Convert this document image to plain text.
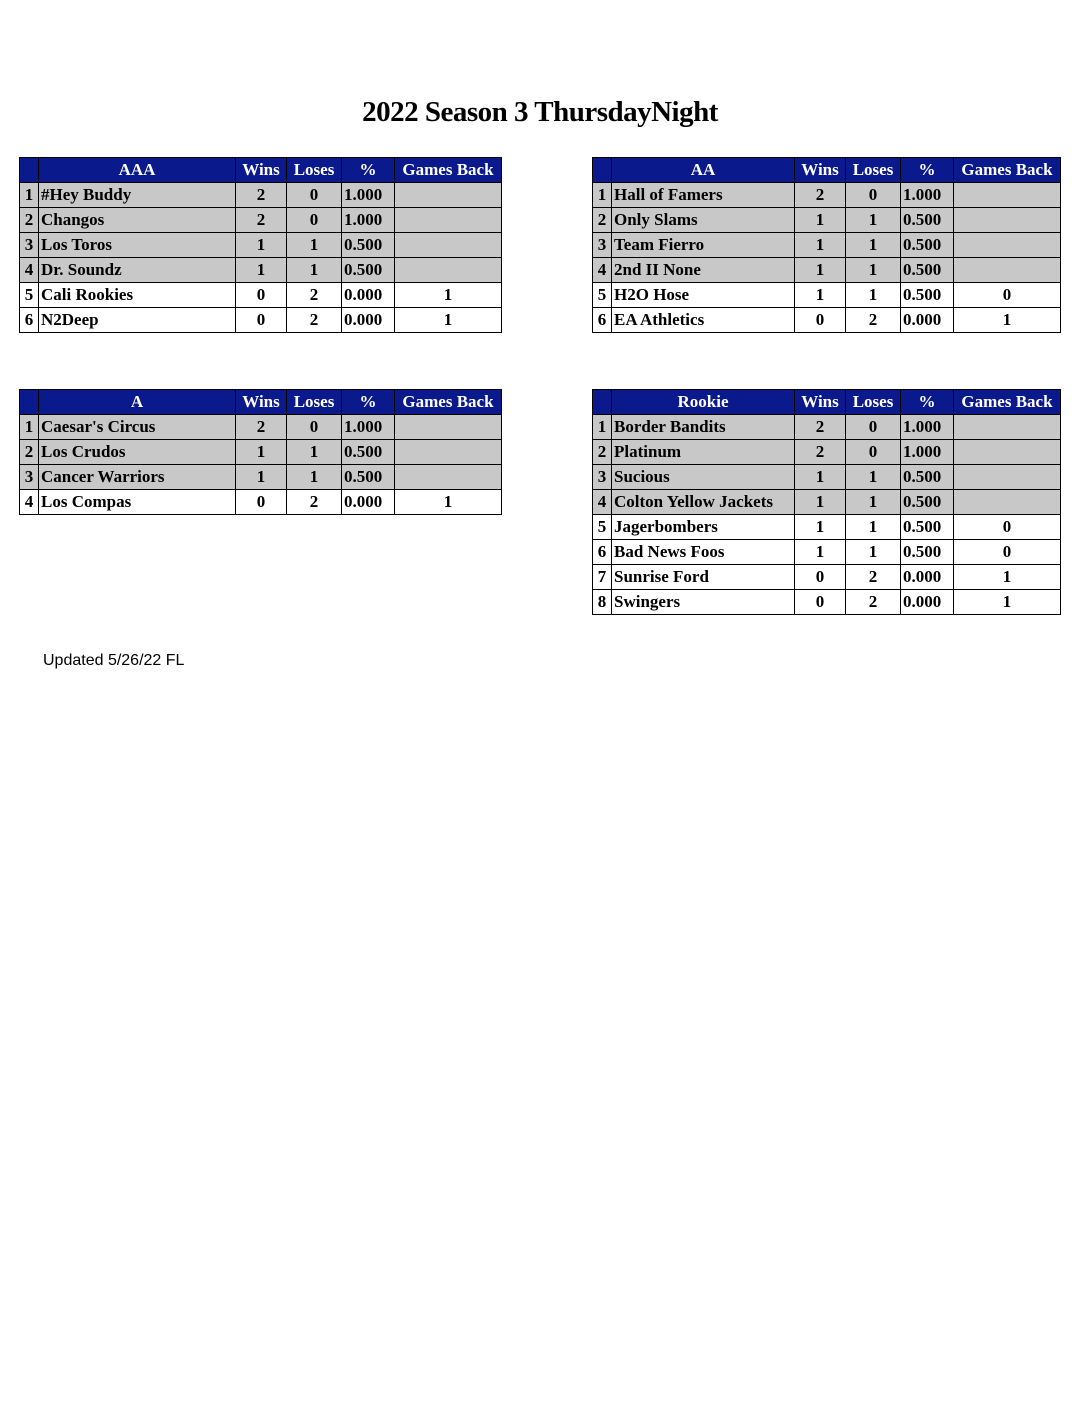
2022 Season 3 ThursdayNight
	AAA	Wins	Loses	%	Games Back
1	#Hey Buddy	2	0	1.000	
2	Changos	2	0	1.000	
3	Los Toros	1	1	0.500	
4	Dr. Soundz	1	1	0.500	
5	Cali Rookies	0	2	0.000	1
6	N2Deep	0	2	0.000	1
	AA	Wins	Loses	%	Games Back
1	Hall of Famers	2	0	1.000	
2	Only Slams	1	1	0.500	
3	Team Fierro	1	1	0.500	
4	2nd II None	1	1	0.500	
5	H2O Hose	1	1	0.500	0
6	EA Athletics	0	2	0.000	1
	A	Wins	Loses	%	Games Back
1	Caesar's Circus	2	0	1.000	
2	Los Crudos	1	1	0.500	
3	Cancer Warriors	1	1	0.500	
4	Los Compas	0	2	0.000	1
	Rookie	Wins	Loses	%	Games Back
1	Border Bandits	2	0	1.000	
2	Platinum	2	0	1.000	
3	Sucious	1	1	0.500	
4	Colton Yellow Jackets	1	1	0.500	
5	Jagerbombers	1	1	0.500	0
6	Bad News Foos	1	1	0.500	0
7	Sunrise Ford	0	2	0.000	1
8	Swingers	0	2	0.000	1
Updated 5/26/22 FL
